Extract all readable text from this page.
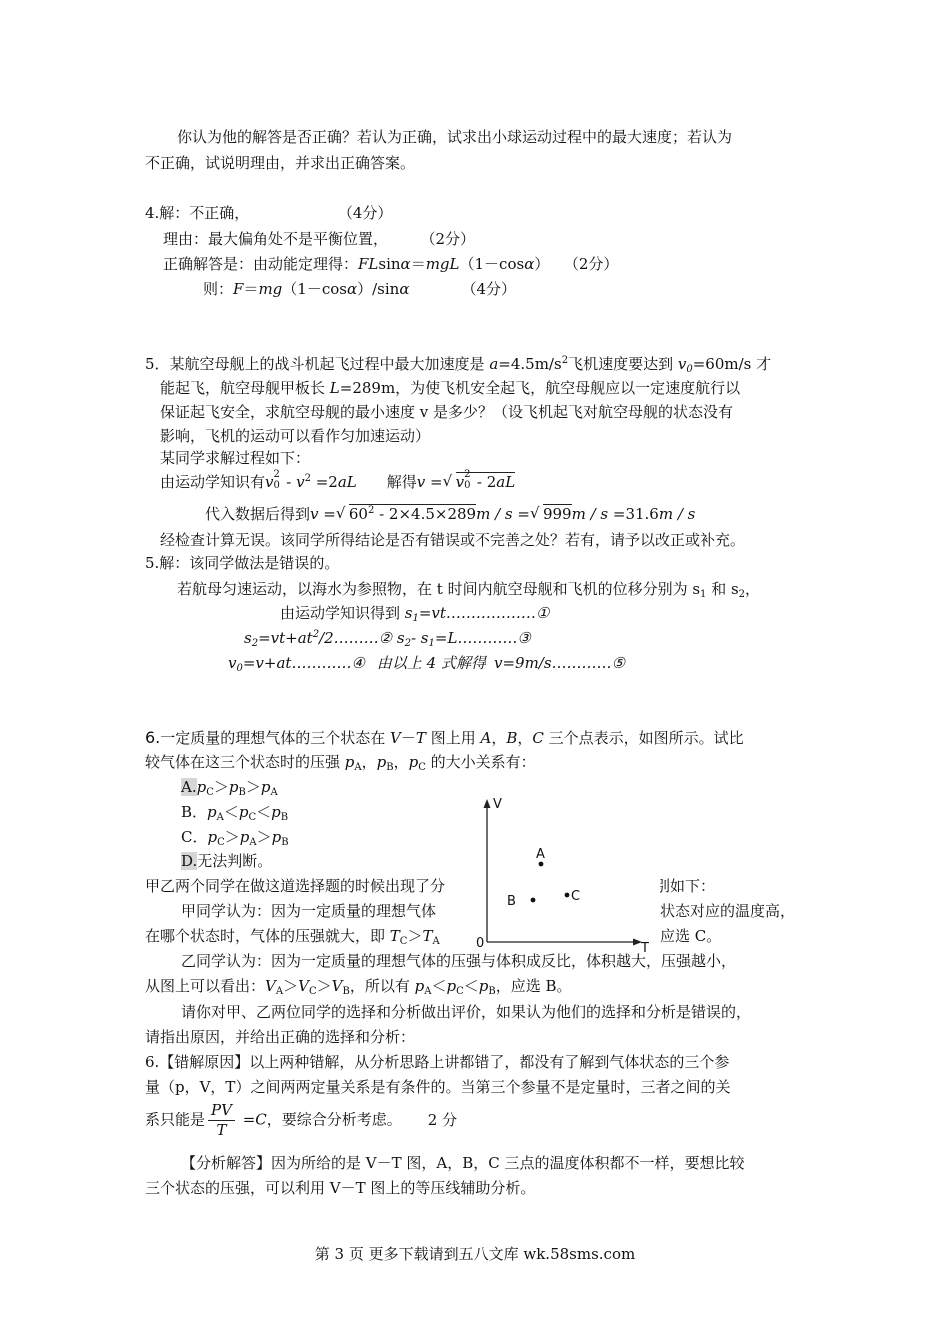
你认为他的解答是否正确？若认为正确，试求出小球运动过程中的最大速度；若认为
不正确，试说明理由，并求出正确答案。
4.解：不正确，	（4分）
理由：最大偏角处不是平衡位置，	（2分）
正确解答是：由动能定理得：FLsinα＝mgL（1－cosα） （2分）
则：F＝mg（1－cosα）/sinα	（4分）
5．某航空母舰上的战斗机起飞过程中最大加速度是 $a=4.5m/s^2$飞机速度要达到 $v_0=60m/s$ 才
能起飞，航空母舰甲板长 L=289m，为使飞机安全起飞，航空母舰应以一定速度航行以
保证起飞安全，求航空母舰的最小速度 v 是多少？（设飞机起飞对航空母舰的状态没有
影响，飞机的运动可以看作匀加速运动）
某同学求解过程如下：
由运动学知识有v 2
$0 - v^2 =2aL$ 解得v = √ v 2
0 - 2aL
代入数据后得到v = √ $60^2 - 2\times 4.5\times 289m / s$ = √ 999m / s =31.6m / s
经检查计算无误。该同学所得结论是否有错误或不完善之处？若有，请予以改正或补充。
5.解：该同学做法是错误的。
若航母匀速运动，以海水为参照物，在 t 时间内航空母舰和飞机的位移分别为 $s_1$ 和 $s_2$，
由运动学知识得到 $s_1=vt\dots\dots\dots\dots\dots\dots ①$
$s_2=vt+at^2/2\dots\dots\dots ②$ $s_2-$ $s_1=L\dots\dots\dots\dots ③$
$v_0=v+at\dots\dots\dots\dots ④$ 由以上 4 式解得 v=9m/s…………⑤
6.一定质量的理想气体的三个状态在 V－T 图上用 A，B，C 三个点表示，如图所示。试比
较气体在这三个状态时的压强 $p_A$，$p_B$，$p_C$ 的大小关系有：
$A.p_C>p_B>p_A$
B．$p_A<p_C<p_B$
C．$p_C>p_A>p_B$
D.无法判断。
甲乙两个同学在做这道选择题的时候出现了分	别如下：
甲同学认为：因为一定质量的理想气体	状态对应的温度高，
在哪个状态时，气体的压强就大，即 $T_C>T_A$	应选 C。
V
T
0
A
B	C
乙同学认为：因为一定质量的理想气体的压强与体积成反比，体积越大，压强越小，
从图上可以看出：$V_A>V_C>V_B$，所以有 $p_A<p_C<p_B$，应选 B。
请你对甲、乙两位同学的选择和分析做出评价，如果认为他们的选择和分析是错误的，
请指出原因，并给出正确的选择和分析：
6.【错解原因】以上两种错解，从分析思路上讲都错了，都没有了解到气体状态的三个参
量（p，V，T）之间两两定量关系是有条件的。当第三个参量不是定量时，三者之间的关
系只能是 $\frac{PV}{T} =C$，要综合分析考虑。 2 分
【分析解答】因为所给的是 V－T 图，A，B，C 三点的温度体积都不一样，要想比较
三个状态的压强，可以利用 V－T 图上的等压线辅助分析。
第 3 页 更多下载请到五八文库 wk.58sms.com
